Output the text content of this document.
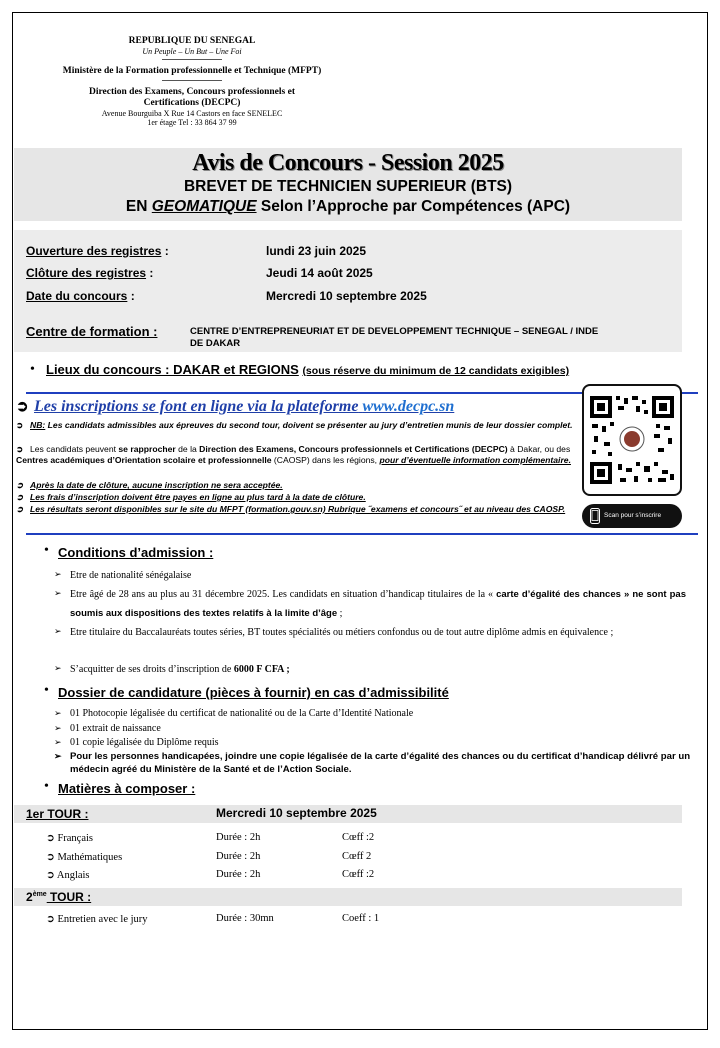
REPUBLIQUE DU SENEGAL
Un Peuple – Un But – Une Foi
Ministère de la Formation professionnelle et Technique (MFPT)
Direction des Examens, Concours professionnels et Certifications (DECPC)
Avenue Bourguiba X Rue 14 Castors en face SENELEC
1er étage Tel : 33 864 37 99
Avis de Concours - Session 2025
BREVET DE TECHNICIEN SUPERIEUR (BTS)
EN GEOMATIQUE Selon l’Approche par Compétences (APC)
Ouverture des registres :	lundi 23 juin 2025
Clôture des registres :	Jeudi 14 août 2025
Date du concours :	Mercredi 10 septembre 2025
Centre de formation :	CENTRE D’ENTREPRENEURIAT ET DE DEVELOPPEMENT TECHNIQUE – SENEGAL / INDE
DE DAKAR
• Lieux du concours : DAKAR et REGIONS (sous réserve du minimum de 12 candidats exigibles)
➲ Les inscriptions se font en ligne via la plateforme www.decpc.sn
➲ NB: Les candidats admissibles aux épreuves du second tour, doivent se présenter au jury d’entretien munis de leur dossier complet.
➲ Les candidats peuvent se rapprocher de la Direction des Examens, Concours professionnels et Certifications (DECPC) à Dakar, ou des Centres académiques d’Orientation scolaire et professionnelle (CAOSP) dans les régions, pour d’éventuelle information complémentaire.
➲ Après la date de clôture, aucune inscription ne sera acceptée.
➲ Les frais d’inscription doivent être payes en ligne au plus tard à la date de clôture.
➲ Les résultats seront disponibles sur le site du MFPT (formation.gouv.sn) Rubrique ˝examens et concours˝ et au niveau des CAOSP.
Scan pour s’inscrire
• Conditions d’admission :
➢ Etre de nationalité sénégalaise
➢ Etre âgé de 28 ans au plus au 31 décembre 2025. Les candidats en situation d’handicap titulaires de la « carte d’égalité des chances » ne sont pas soumis aux dispositions des textes relatifs à la limite d’âge ;
➢ Etre titulaire du Baccalauréats toutes séries, BT toutes spécialités ou métiers confondus ou de tout autre diplôme admis en équivalence ;
➢ S’acquitter de ses droits d’inscription de 6000 F CFA ;
• Dossier de candidature (pièces à fournir) en cas d’admissibilité
➢ 01 Photocopie légalisée du certificat de nationalité ou de la Carte d’Identité Nationale
➢ 01 extrait de naissance
➢ 01 copie légalisée du Diplôme requis
➢ Pour les personnes handicapées, joindre une copie légalisée de la carte d’égalité des chances ou du certificat d’handicap délivré par un médecin agréé du Ministère de la Santé et de l’Action Sociale.
• Matières à composer :
1er TOUR :	Mercredi 10 septembre 2025
➲ Français	Durée : 2h	Cœff :2
➲ Mathématiques	Durée : 2h	Cœff 2
➲ Anglais	Durée : 2h	Cœff :2
2ème TOUR :
➲ Entretien avec le jury	Durée : 30mn	Coeff : 1
